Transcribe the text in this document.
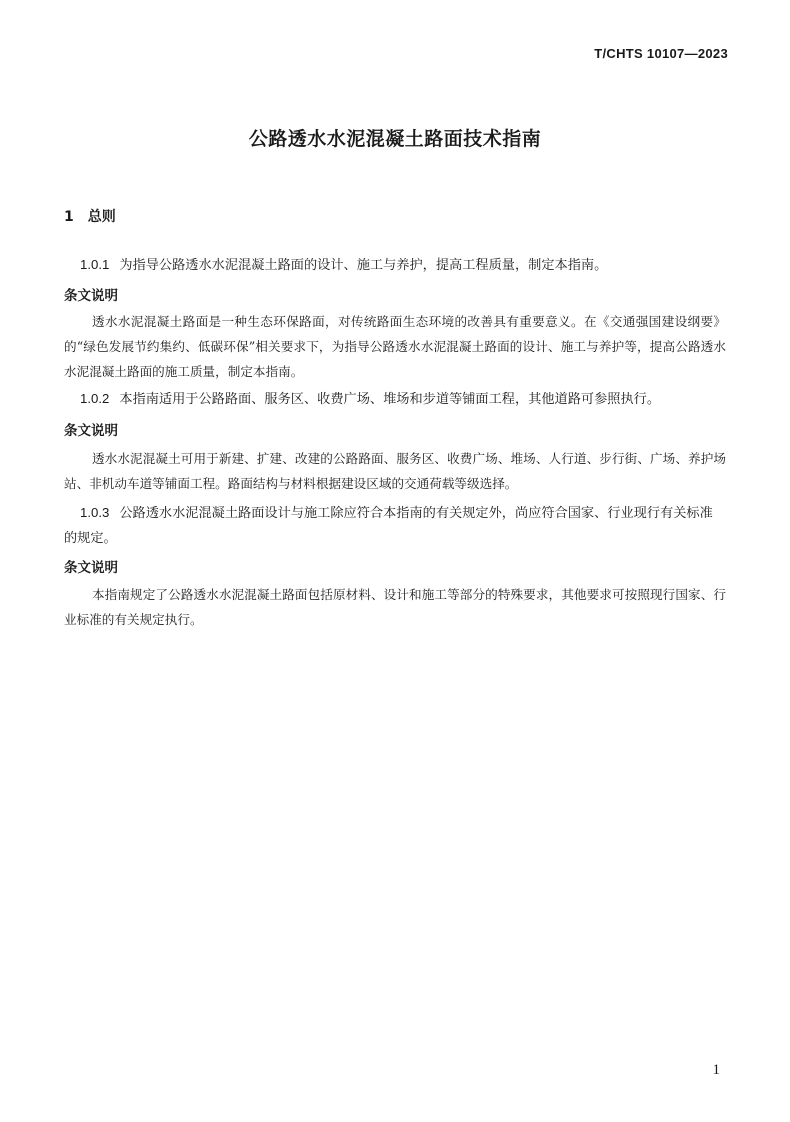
T/CHTS 10107—2023
公路透水水泥混凝土路面技术指南
1 总则
1.0.1 为指导公路透水水泥混凝土路面的设计、施工与养护，提高工程质量，制定本指南。
条文说明
透水水泥混凝土路面是一种生态环保路面，对传统路面生态环境的改善具有重要意义。在《交通强国建设纲要》的“绿色发展节约集约、低碳环保”相关要求下，为指导公路透水水泥混凝土路面的设计、施工与养护等，提高公路透水水泥混凝土路面的施工质量，制定本指南。
1.0.2 本指南适用于公路路面、服务区、收费广场、堆场和步道等铺面工程，其他道路可参照执行。
条文说明
透水水泥混凝土可用于新建、扩建、改建的公路路面、服务区、收费广场、堆场、人行道、步行街、广场、养护场站、非机动车道等铺面工程。路面结构与材料根据建设区域的交通荷载等级选择。
1.0.3 公路透水水泥混凝土路面设计与施工除应符合本指南的有关规定外，尚应符合国家、行业现行有关标准的规定。
条文说明
本指南规定了公路透水水泥混凝土路面包括原材料、设计和施工等部分的特殊要求，其他要求可按照现行国家、行业标准的有关规定执行。
1
